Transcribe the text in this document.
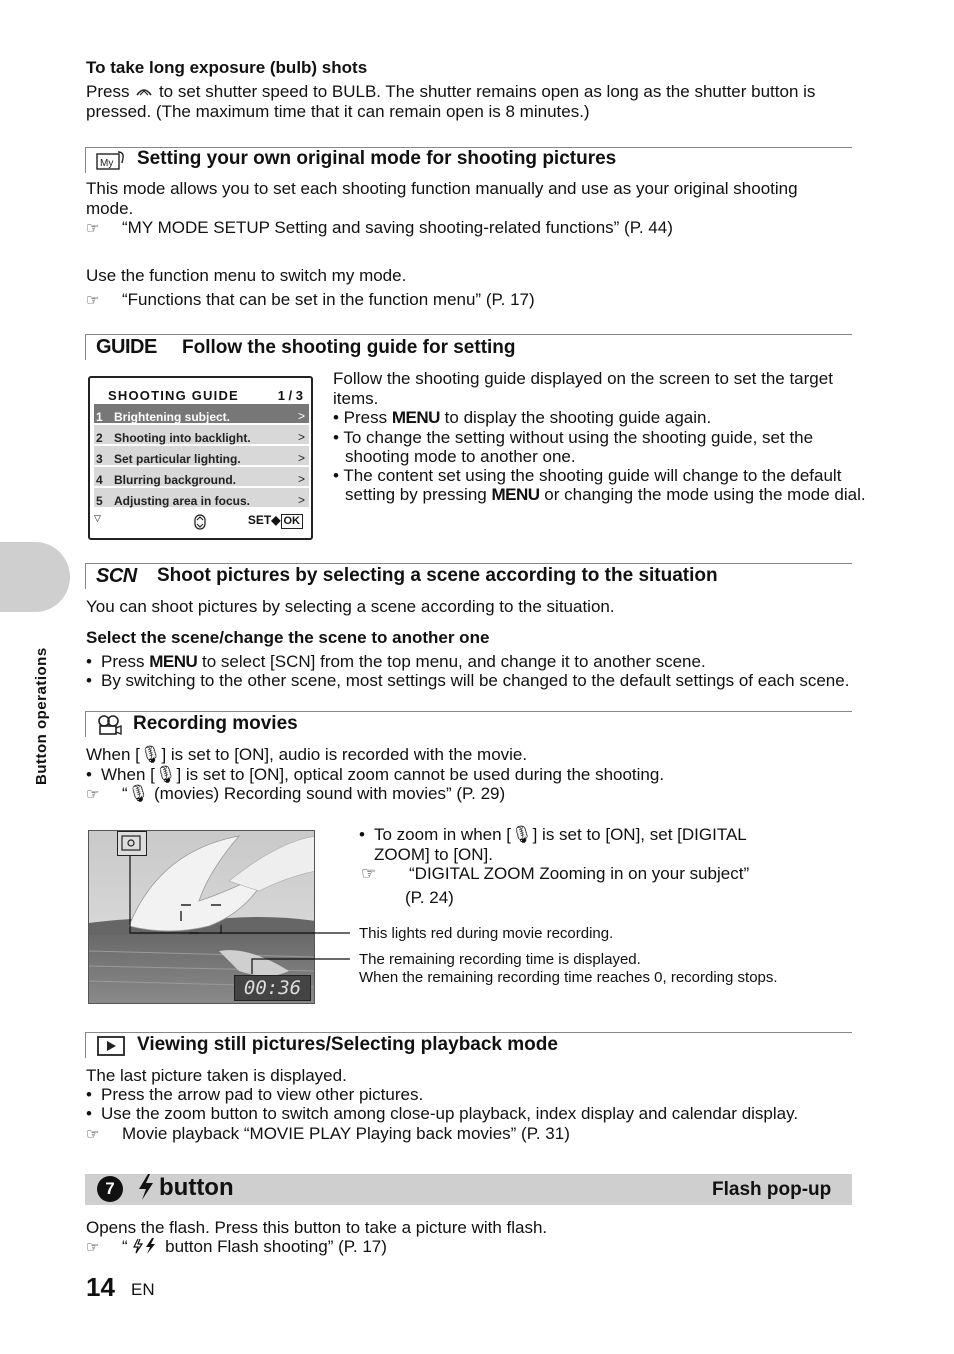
To take long exposure (bulb) shots
Press to set shutter speed to BULB. The shutter remains open as long as the shutter button is
pressed. (The maximum time that it can remain open is 8 minutes.)
My Setting your own original mode for shooting pictures
This mode allows you to set each shooting function manually and use as your original shooting
mode.
☞ “MY MODE SETUP Setting and saving shooting-related functions” (P. 44)
Use the function menu to switch my mode.
☞ “Functions that can be set in the function menu” (P. 17)
GUIDE Follow the shooting guide for setting
SHOOTING GUIDE	1 / 3
1 Brightening subject.	>
2 Shooting into backlight.	>
3 Set particular lighting.	>
4 Blurring background.	>
5 Adjusting area in focus.	>
▽	SET◆ OK
Follow the shooting guide displayed on the screen to set the target
items.
• Press MENU to display the shooting guide again.
• To change the setting without using the shooting guide, set the
shooting mode to another one.
• The content set using the shooting guide will change to the default
setting by pressing MENU or changing the mode using the mode dial.
Button operations
SCN Shoot pictures by selecting a scene according to the situation
You can shoot pictures by selecting a scene according to the situation.
Select the scene/change the scene to another one
• Press MENU to select [SCN] from the top menu, and change it to another scene.
• By switching to the other scene, most settings will be changed to the default settings of each scene.
Recording movies
When [🎙] is set to [ON], audio is recorded with the movie.
• When [🎙] is set to [ON], optical zoom cannot be used during the shooting.
☞ “🎙 (movies) Recording sound with movies” (P. 29)
00:36
• To zoom in when [🎙] is set to [ON], set [DIGITAL
ZOOM] to [ON].
☞ “DIGITAL ZOOM Zooming in on your subject”
(P. 24)
This lights red during movie recording.
The remaining recording time is displayed.
When the remaining recording time reaches 0, recording stops.
Viewing still pictures/Selecting playback mode
The last picture taken is displayed.
• Press the arrow pad to view other pictures.
• Use the zoom button to switch among close-up playback, index display and calendar display.
☞ Movie playback “MOVIE PLAY Playing back movies” (P. 31)
7	button	Flash pop-up
Opens the flash. Press this button to take a picture with flash.
☞ “ button Flash shooting” (P. 17)
14 EN
